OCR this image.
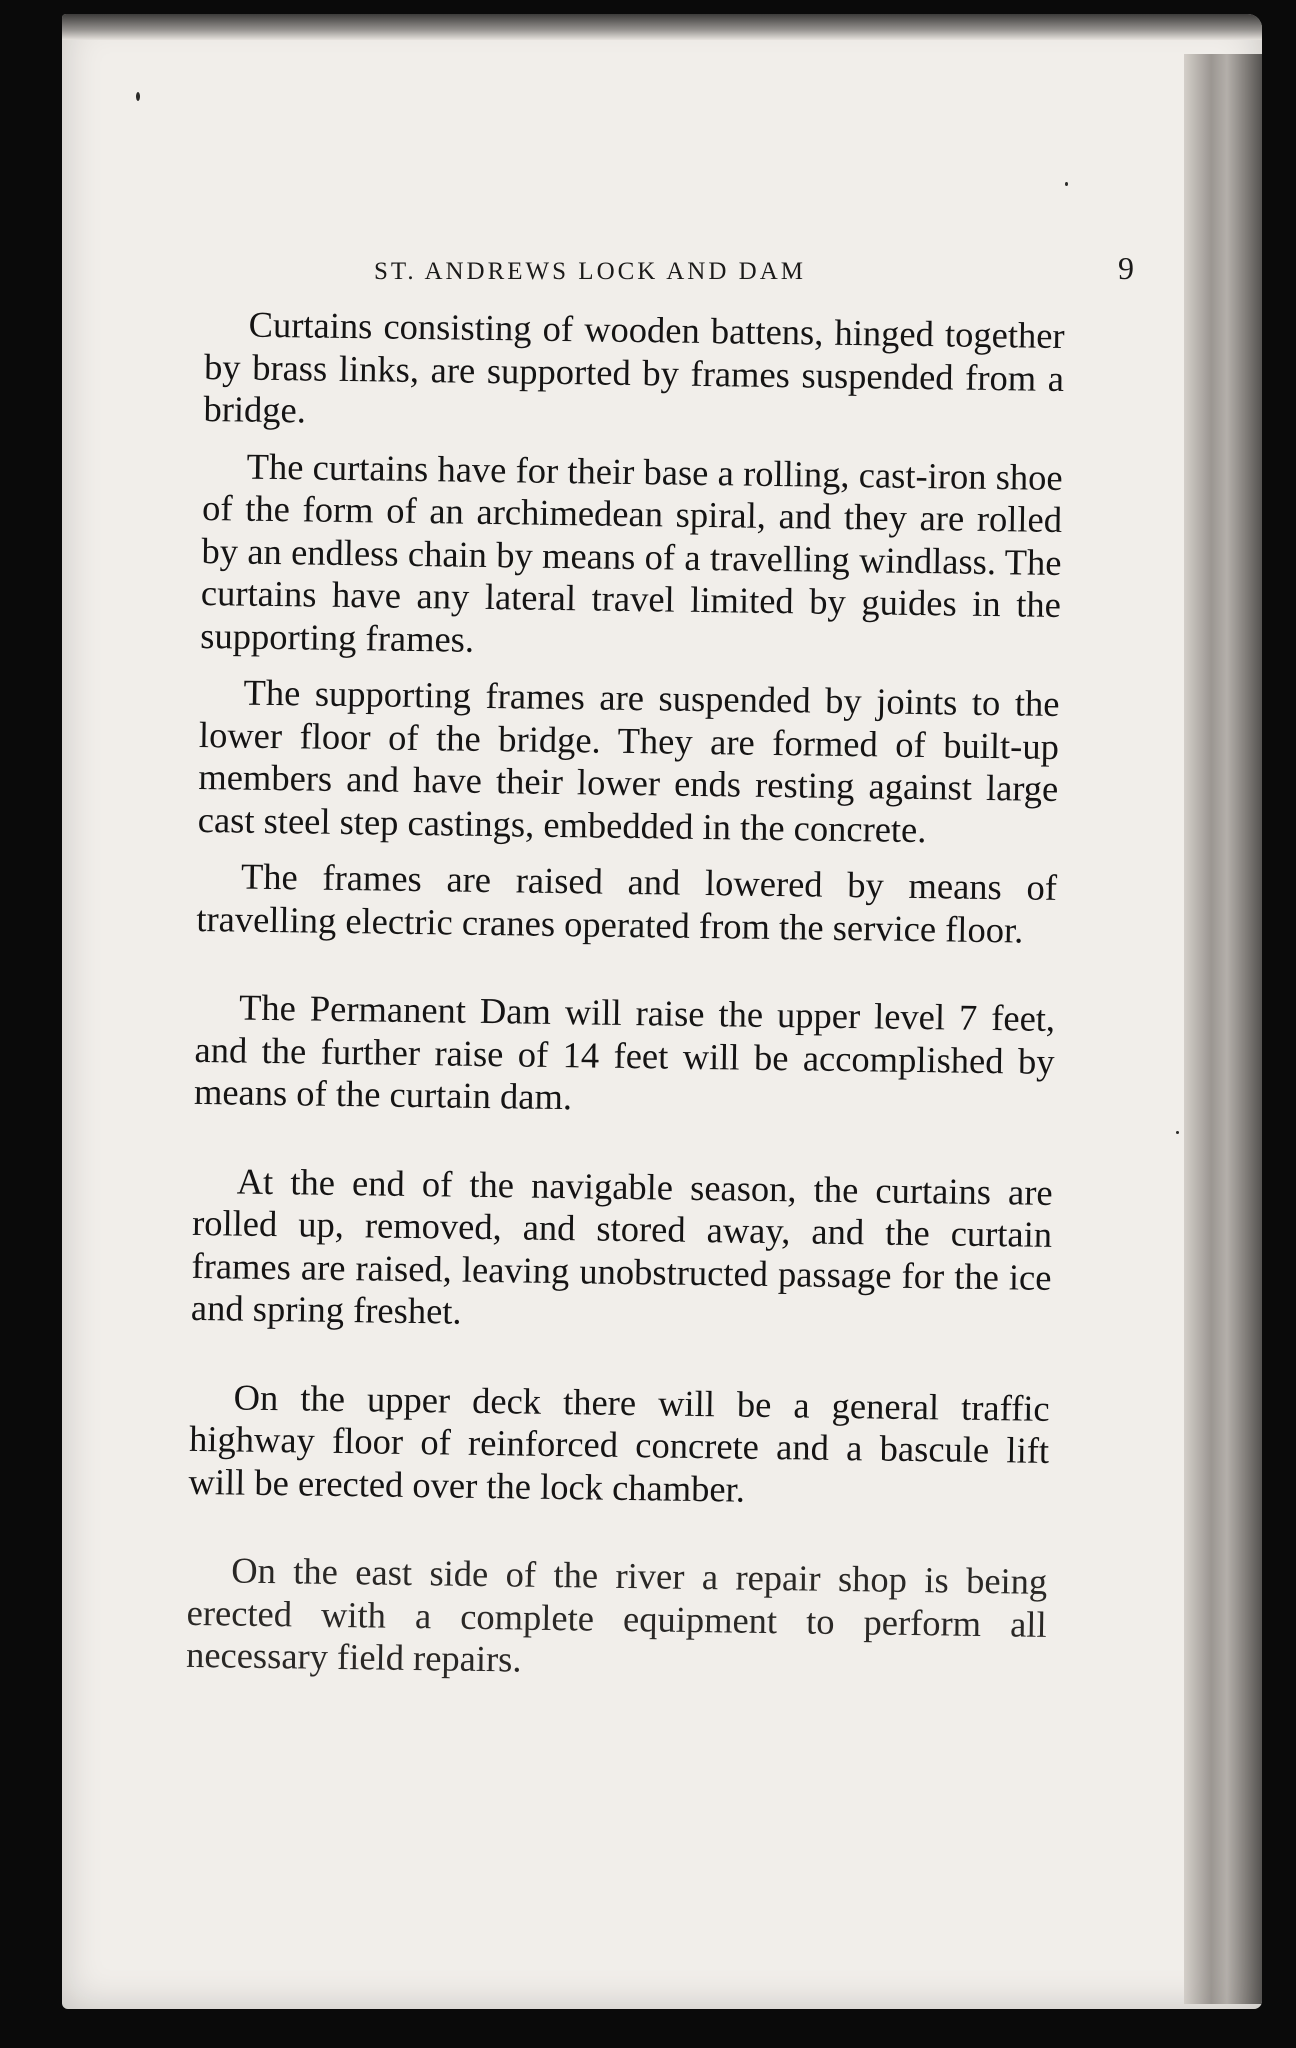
ST. ANDREWS LOCK AND DAM	9

Curtains consisting of wooden battens, hinged together by brass links, are supported by frames suspended from a bridge.

The curtains have for their base a rolling, cast-iron shoe of the form of an archimedean spiral, and they are rolled by an endless chain by means of a travelling windlass. The curtains have any lateral travel limited by guides in the supporting frames.

The supporting frames are suspended by joints to the lower floor of the bridge. They are formed of built-up members and have their lower ends resting against large cast steel step castings, embedded in the concrete.

The frames are raised and lowered by means of travelling electric cranes operated from the service floor.

The Permanent Dam will raise the upper level 7 feet, and the further raise of 14 feet will be accomplished by means of the curtain dam.

At the end of the navigable season, the curtains are rolled up, removed, and stored away, and the curtain frames are raised, leaving unobstructed passage for the ice and spring freshet.

On the upper deck there will be a general traffic highway floor of reinforced concrete and a bascule lift will be erected over the lock chamber.

On the east side of the river a repair shop is being erected with a complete equipment to perform all necessary field repairs.
